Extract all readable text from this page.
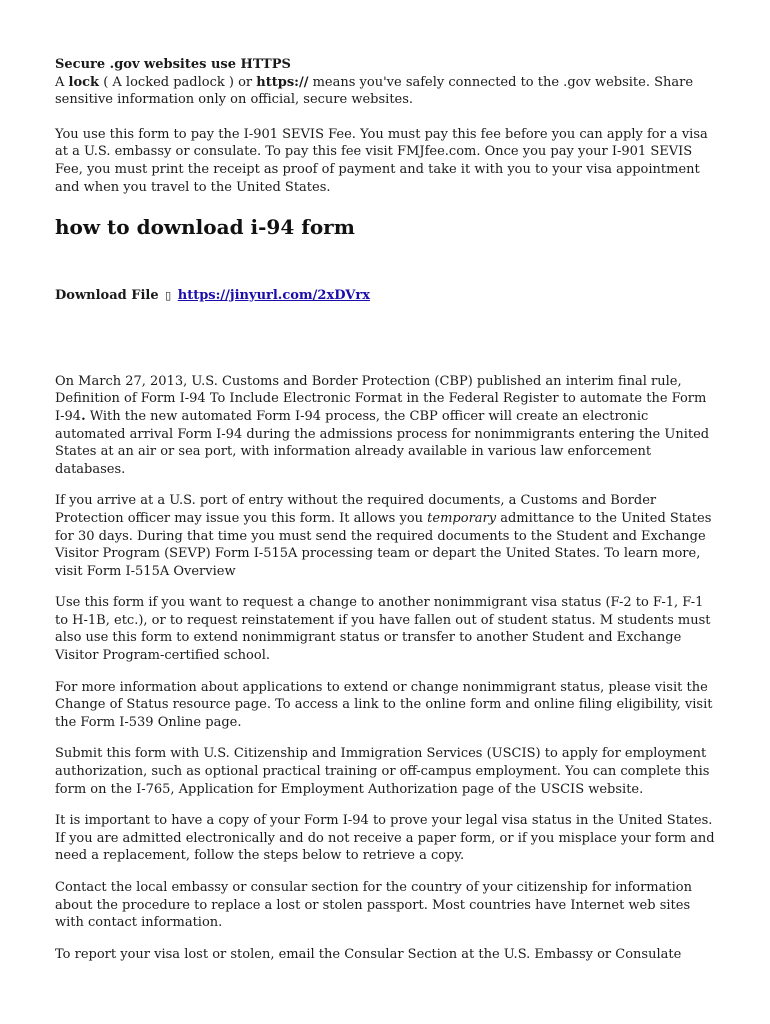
Secure .gov websites use HTTPS

A lock ( A locked padlock ) or https:// means you've safely connected to the .gov website. Share sensitive information only on official, secure websites.

You use this form to pay the I-901 SEVIS Fee. You must pay this fee before you can apply for a visa at a U.S. embassy or consulate. To pay this fee visit FMJfee.com. Once you pay your I-901 SEVIS Fee, you must print the receipt as proof of payment and take it with you to your visa appointment and when you travel to the United States.

how to download i-94 form

Download File ▯ https://jinyurl.com/2xDVrx

On March 27, 2013, U.S. Customs and Border Protection (CBP) published an interim final rule, Definition of Form I-94 To Include Electronic Format in the Federal Register to automate the Form I-94. With the new automated Form I-94 process, the CBP officer will create an electronic automated arrival Form I-94 during the admissions process for nonimmigrants entering the United States at an air or sea port, with information already available in various law enforcement databases.

If you arrive at a U.S. port of entry without the required documents, a Customs and Border Protection officer may issue you this form. It allows you temporary admittance to the United States for 30 days. During that time you must send the required documents to the Student and Exchange Visitor Program (SEVP) Form I-515A processing team or depart the United States. To learn more, visit Form I-515A Overview

Use this form if you want to request a change to another nonimmigrant visa status (F-2 to F-1, F-1 to H-1B, etc.), or to request reinstatement if you have fallen out of student status. M students must also use this form to extend nonimmigrant status or transfer to another Student and Exchange Visitor Program-certified school.

For more information about applications to extend or change nonimmigrant status, please visit the Change of Status resource page. To access a link to the online form and online filing eligibility, visit the Form I-539 Online page.

Submit this form with U.S. Citizenship and Immigration Services (USCIS) to apply for employment authorization, such as optional practical training or off-campus employment. You can complete this form on the I-765, Application for Employment Authorization page of the USCIS website.

It is important to have a copy of your Form I-94 to prove your legal visa status in the United States. If you are admitted electronically and do not receive a paper form, or if you misplace your form and need a replacement, follow the steps below to retrieve a copy.

Contact the local embassy or consular section for the country of your citizenship for information about the procedure to replace a lost or stolen passport. Most countries have Internet web sites with contact information.

To report your visa lost or stolen, email the Consular Section at the U.S. Embassy or Consulate
